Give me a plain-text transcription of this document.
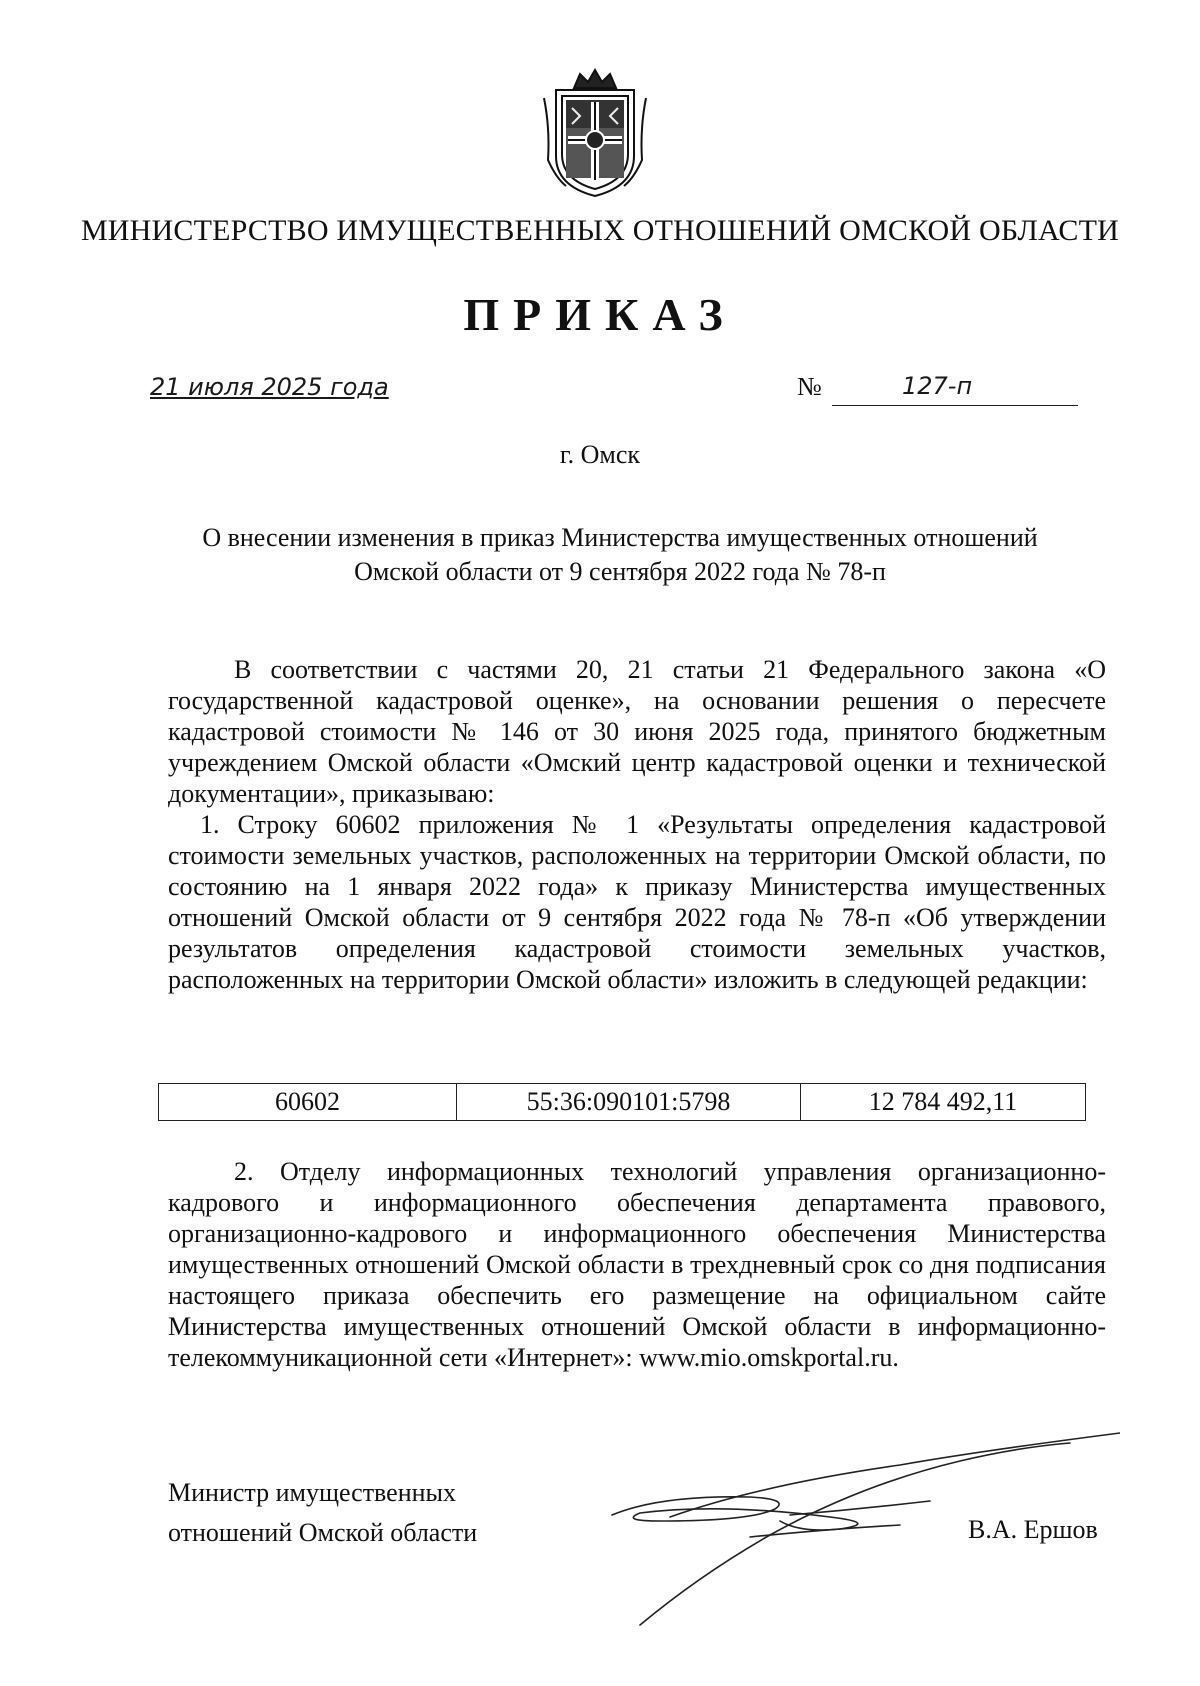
МИНИСТЕРСТВО ИМУЩЕСТВЕННЫХ ОТНОШЕНИЙ ОМСКОЙ ОБЛАСТИ
ПРИКАЗ
21 июля 2025 года	№	127-п
г. Омск
О внесении изменения в приказ Министерства имущественных отношений
Омской области от 9 сентября 2022 года № 78-п

В соответствии с частями 20, 21 статьи 21 Федерального закона «О государственной кадастровой оценке», на основании решения о пересчете кадастровой стоимости № 146 от 30 июня 2025 года, принятого бюджетным учреждением Омской области «Омский центр кадастровой оценки и технической документации», приказываю:

1. Строку 60602 приложения № 1 «Результаты определения кадастровой стоимости земельных участков, расположенных на территории Омской области, по состоянию на 1 января 2022 года» к приказу Министерства имущественных отношений Омской области от 9 сентября 2022 года № 78-п «Об утверждении результатов определения кадастровой стоимости земельных участков, расположенных на территории Омской области» изложить в следующей редакции:

60602	55:36:090101:5798	12 784 492,11

2. Отделу информационных технологий управления организационно-кадрового и информационного обеспечения департамента правового, организационно-кадрового и информационного обеспечения Министерства имущественных отношений Омской области в трехдневный срок со дня подписания настоящего приказа обеспечить его размещение на официальном сайте Министерства имущественных отношений Омской области в информационно-телекоммуникационной сети «Интернет»: www.mio.omskportal.ru.

Министр имущественных
отношений Омской области	В.А. Ершов
